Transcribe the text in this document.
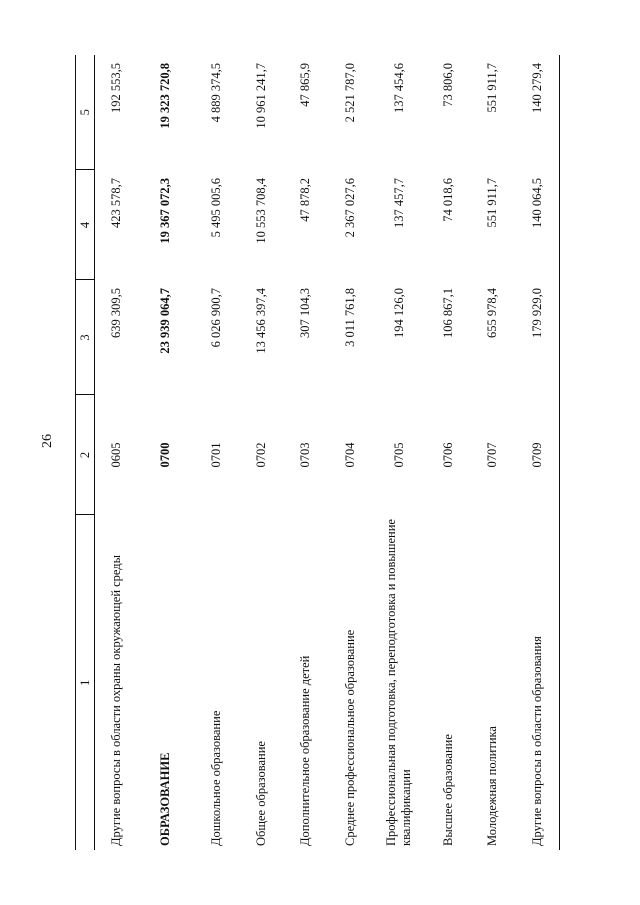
26
1	2	3	4	5
Другие вопросы в области охраны окружающей среды	0605	639 309,5	423 578,7	192 553,5
ОБРАЗОВАНИЕ	0700	23 939 064,7	19 367 072,3	19 323 720,8
Дошкольное образование	0701	6 026 900,7	5 495 005,6	4 889 374,5
Общее образование	0702	13 456 397,4	10 553 708,4	10 961 241,7
Дополнительное образование детей	0703	307 104,3	47 878,2	47 865,9
Среднее профессиональное образование	0704	3 011 761,8	2 367 027,6	2 521 787,0
Профессиональная подготовка, переподготовка и повышение квалификации	0705	194 126,0	137 457,7	137 454,6
Высшее образование	0706	106 867,1	74 018,6	73 806,0
Молодежная политика	0707	655 978,4	551 911,7	551 911,7
Другие вопросы в области образования	0709	179 929,0	140 064,5	140 279,4
